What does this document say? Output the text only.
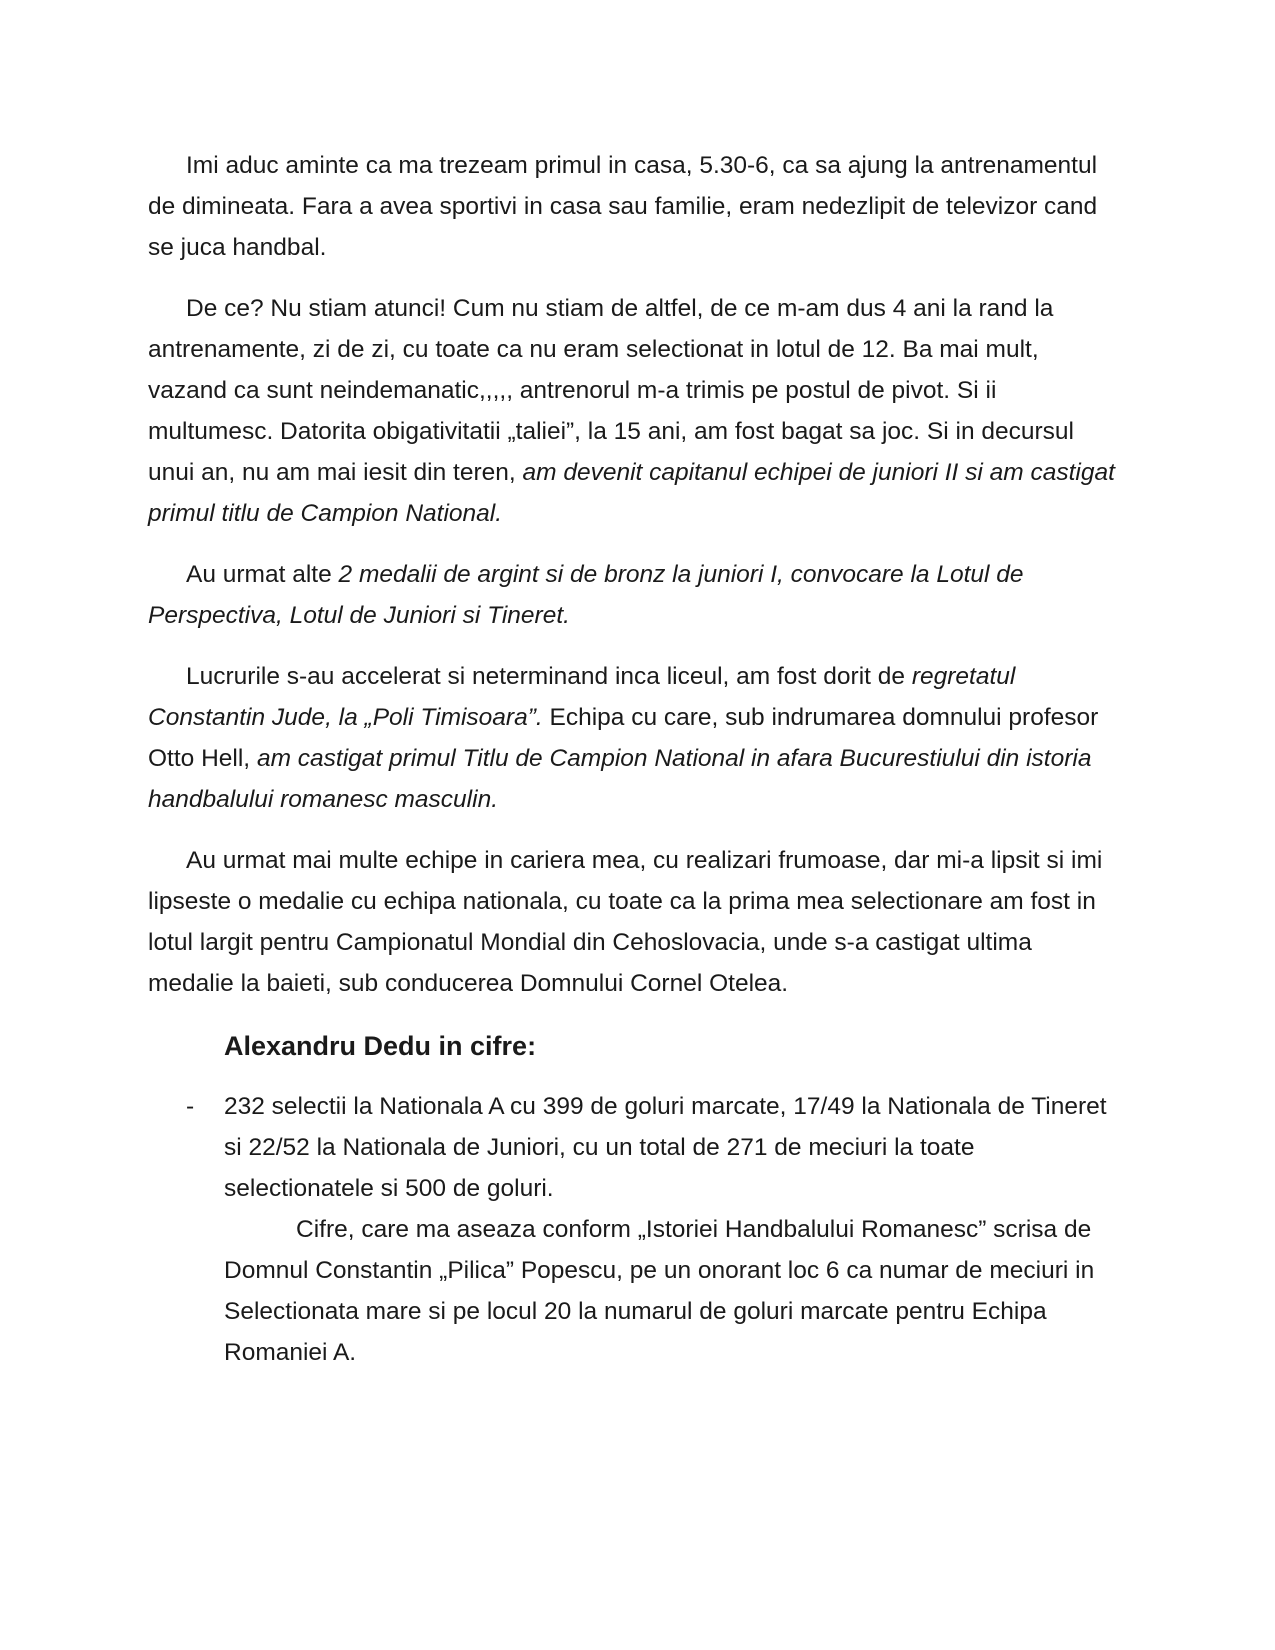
Imi aduc aminte ca ma trezeam primul in casa, 5.30-6, ca sa ajung la antrenamentul de dimineata. Fara a avea sportivi in casa sau familie, eram nedezlipit de televizor cand se juca handbal.

De ce? Nu stiam atunci! Cum nu stiam de altfel, de ce m-am dus 4 ani la rand la antrenamente, zi de zi, cu toate ca nu eram selectionat in lotul de 12. Ba mai mult, vazand ca sunt neindemanatic,,,,, antrenorul m-a trimis pe postul de pivot. Si ii multumesc. Datorita obigativitatii „taliei”, la 15 ani, am fost bagat sa joc. Si in decursul unui an, nu am mai iesit din teren, am devenit capitanul echipei de juniori II si am castigat primul titlu de Campion National.

Au urmat alte 2 medalii de argint si de bronz la juniori I, convocare la Lotul de Perspectiva, Lotul de Juniori si Tineret.

Lucrurile s-au accelerat si neterminand inca liceul, am fost dorit de regretatul Constantin Jude, la „Poli Timisoara”. Echipa cu care, sub indrumarea domnului profesor Otto Hell, am castigat primul Titlu de Campion National in afara Bucurestiului din istoria handbalului romanesc masculin.

Au urmat mai multe echipe in cariera mea, cu realizari frumoase, dar mi-a lipsit si imi lipseste o medalie cu echipa nationala, cu toate ca la prima mea selectionare am fost in lotul largit pentru Campionatul Mondial din Cehoslovacia, unde s-a castigat ultima medalie la baieti, sub conducerea Domnului Cornel Otelea.

Alexandru Dedu in cifre:
- 232 selectii la Nationala A cu 399 de goluri marcate, 17/49 la Nationala de Tineret si 22/52 la Nationala de Juniori, cu un total de 271 de meciuri la toate selectionatele si 500 de goluri.

Cifre, care ma aseaza conform „Istoriei Handbalului Romanesc” scrisa de Domnul Constantin „Pilica” Popescu, pe un onorant loc 6 ca numar de meciuri in Selectionata mare si pe locul 20 la numarul de goluri marcate pentru Echipa Romaniei A.
